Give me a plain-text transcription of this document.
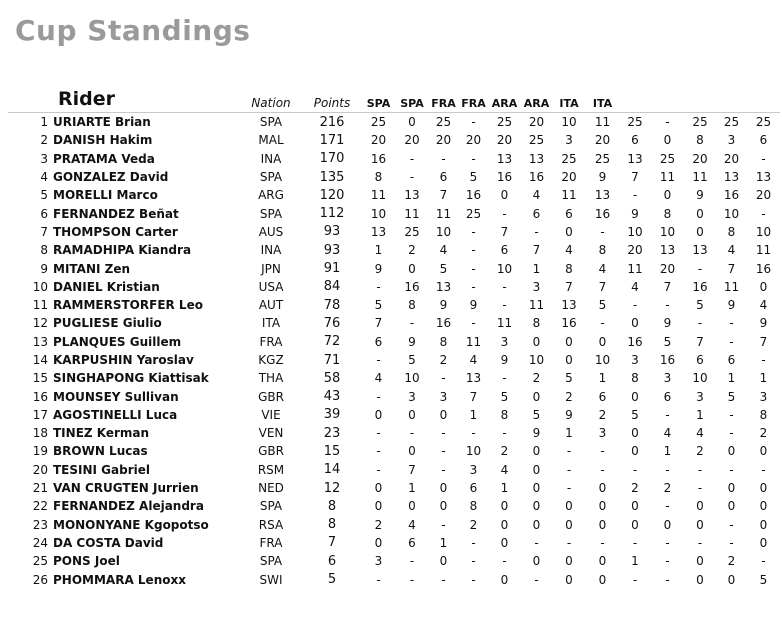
Cup Standings
Rider		Nation	Points	SPA	SPA	FRA	FRA	ARA	ARA	ITA	ITA					
1	URIARTE Brian	SPA	216	25	0	25	-	25	20	10	11	25	-	25	25	25
2	DANISH Hakim	MAL	171	20	20	20	20	20	25	3	20	6	0	8	3	6
3	PRATAMA Veda	INA	170	16	-	-	-	13	13	25	25	13	25	20	20	-
4	GONZALEZ David	SPA	135	8	-	6	5	16	16	20	9	7	11	11	13	13
5	MORELLI Marco	ARG	120	11	13	7	16	0	4	11	13	-	0	9	16	20
6	FERNANDEZ Beñat	SPA	112	10	11	11	25	-	6	6	16	9	8	0	10	-
7	THOMPSON Carter	AUS	93	13	25	10	-	7	-	0	-	10	10	0	8	10
8	RAMADHIPA Kiandra	INA	93	1	2	4	-	6	7	4	8	20	13	13	4	11
9	MITANI Zen	JPN	91	9	0	5	-	10	1	8	4	11	20	-	7	16
10	DANIEL Kristian	USA	84	-	16	13	-	-	3	7	7	4	7	16	11	0
11	RAMMERSTORFER Leo	AUT	78	5	8	9	9	-	11	13	5	-	-	5	9	4
12	PUGLIESE Giulio	ITA	76	7	-	16	-	11	8	16	-	0	9	-	-	9
13	PLANQUES Guillem	FRA	72	6	9	8	11	3	0	0	0	16	5	7	-	7
14	KARPUSHIN Yaroslav	KGZ	71	-	5	2	4	9	10	0	10	3	16	6	6	-
15	SINGHAPONG Kiattisak	THA	58	4	10	-	13	-	2	5	1	8	3	10	1	1
16	MOUNSEY Sullivan	GBR	43	-	3	3	7	5	0	2	6	0	6	3	5	3
17	AGOSTINELLI Luca	VIE	39	0	0	0	1	8	5	9	2	5	-	1	-	8
18	TINEZ Kerman	VEN	23	-	-	-	-	-	9	1	3	0	4	4	-	2
19	BROWN Lucas	GBR	15	-	0	-	10	2	0	-	-	0	1	2	0	0
20	TESINI Gabriel	RSM	14	-	7	-	3	4	0	-	-	-	-	-	-	-
21	VAN CRUGTEN Jurrien	NED	12	0	1	0	6	1	0	-	0	2	2	-	0	0
22	FERNANDEZ Alejandra	SPA	8	0	0	0	8	0	0	0	0	0	-	0	0	0
23	MONONYANE Kgopotso	RSA	8	2	4	-	2	0	0	0	0	0	0	0	-	0
24	DA COSTA David	FRA	7	0	6	1	-	0	-	-	-	-	-	-	-	0
25	PONS Joel	SPA	6	3	-	0	-	-	0	0	0	1	-	0	2	-
26	PHOMMARA Lenoxx	SWI	5	-	-	-	-	0	-	0	0	-	-	0	0	5
